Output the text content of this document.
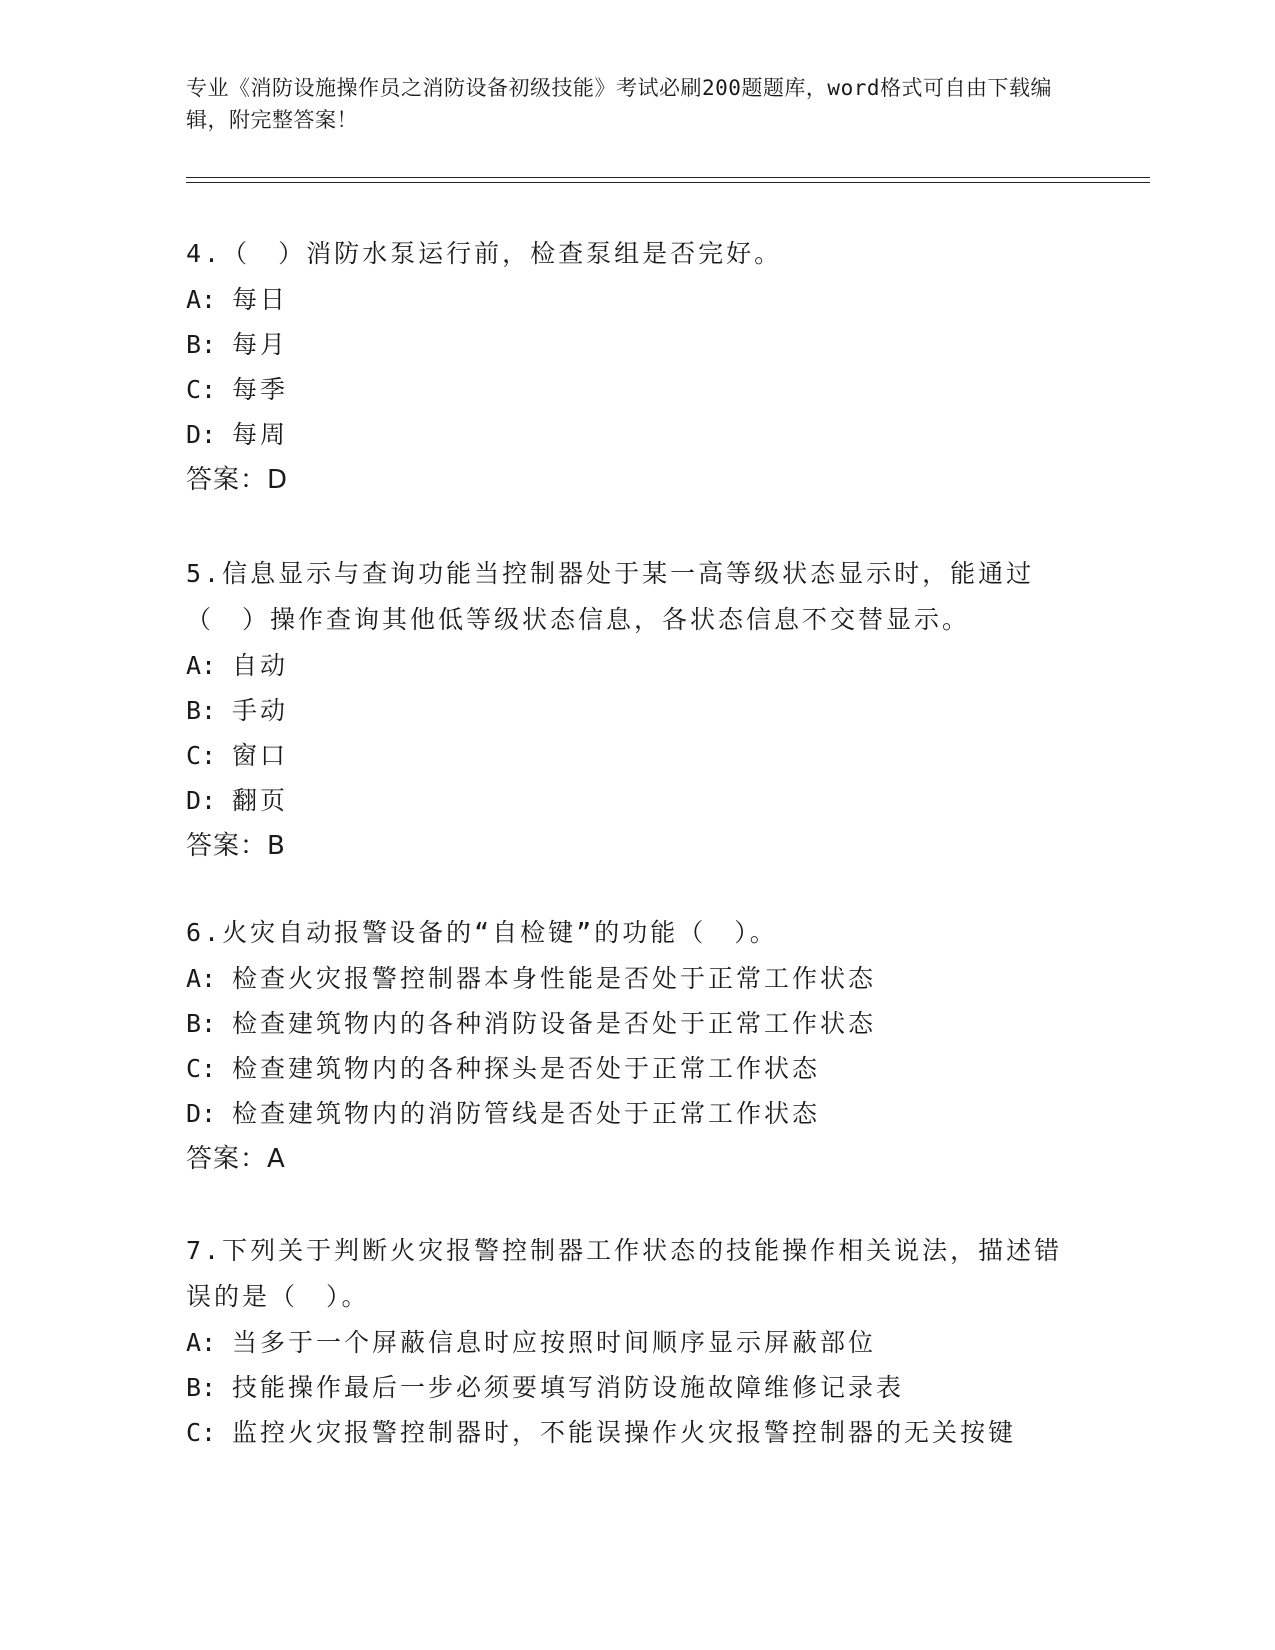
专业《消防设施操作员之消防设备初级技能》考试必刷200题题库，word格式可自由下载编辑，附完整答案！

4.（　）消防水泵运行前，检查泵组是否完好。

A: 每日

B: 每月

C: 每季

D: 每周

答案：D

5.信息显示与查询功能当控制器处于某一高等级状态显示时，能通过（　）操作查询其他低等级状态信息，各状态信息不交替显示。

A: 自动

B: 手动

C: 窗口

D: 翻页

答案：B

6.火灾自动报警设备的“自检键”的功能（　）。

A: 检查火灾报警控制器本身性能是否处于正常工作状态

B: 检查建筑物内的各种消防设备是否处于正常工作状态

C: 检查建筑物内的各种探头是否处于正常工作状态

D: 检查建筑物内的消防管线是否处于正常工作状态

答案：A

7.下列关于判断火灾报警控制器工作状态的技能操作相关说法，描述错误的是（　）。

A: 当多于一个屏蔽信息时应按照时间顺序显示屏蔽部位

B: 技能操作最后一步必须要填写消防设施故障维修记录表

C: 监控火灾报警控制器时，不能误操作火灾报警控制器的无关按键
